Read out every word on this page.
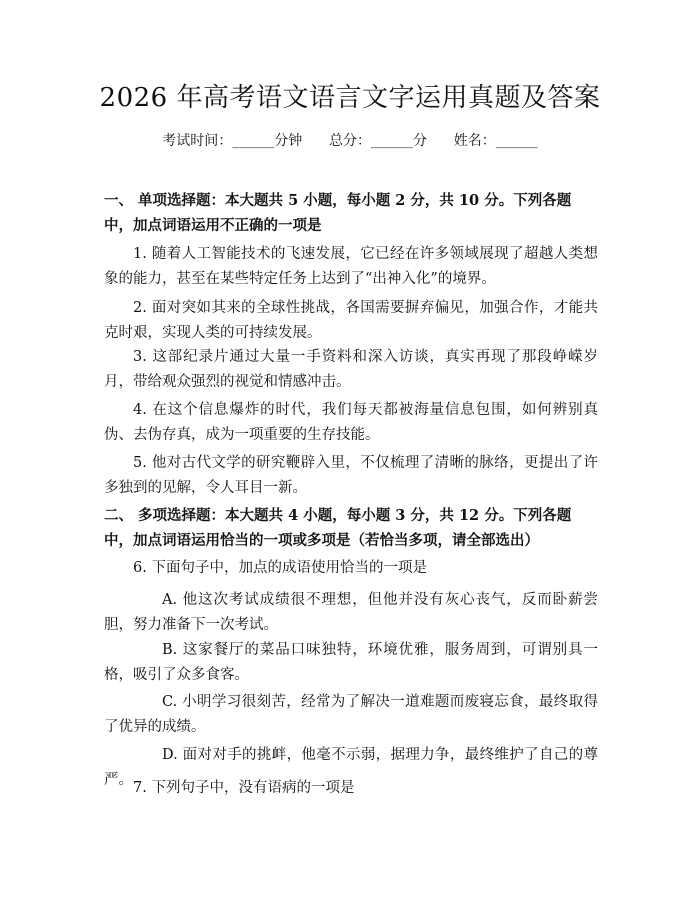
2026 年高考语文语言文字运用真题及答案
考试时间：______分钟      总分：______分      姓名：______
一、 单项选择题：本大题共 5 小题，每小题 2 分，共 10 分。下列各题中，加点词语运用不正确的一项是
1. 随着人工智能技术的飞速发展，它已经在许多领域展现了超越人类想象的能力，甚至在某些特定任务上达到了“出神入化”的境界。
2. 面对突如其来的全球性挑战，各国需要摒弃偏见，加强合作，才能共克时艰，实现人类的可持续发展。
3. 这部纪录片通过大量一手资料和深入访谈，真实再现了那段峥嵘岁月，带给观众强烈的视觉和情感冲击。
4. 在这个信息爆炸的时代，我们每天都被海量信息包围，如何辨别真伪、去伪存真，成为一项重要的生存技能。
5. 他对古代文学的研究鞭辟入里，不仅梳理了清晰的脉络，更提出了许多独到的见解，令人耳目一新。
二、 多项选择题：本大题共 4 小题，每小题 3 分，共 12 分。下列各题中，加点词语运用恰当的一项或多项是（若恰当多项，请全部选出）
6. 下面句子中，加点的成语使用恰当的一项是
A. 他这次考试成绩很不理想，但他并没有灰心丧气，反而卧薪尝胆，努力准备下一次考试。
B. 这家餐厅的菜品口味独特，环境优雅，服务周到，可谓别具一格，吸引了众多食客。
C. 小明学习很刻苦，经常为了解决一道难题而废寝忘食，最终取得了优异的成绩。
D. 面对对手的挑衅，他毫不示弱，据理力争，最终维护了自己的尊严。 7. 下列句子中，没有语病的一项是
